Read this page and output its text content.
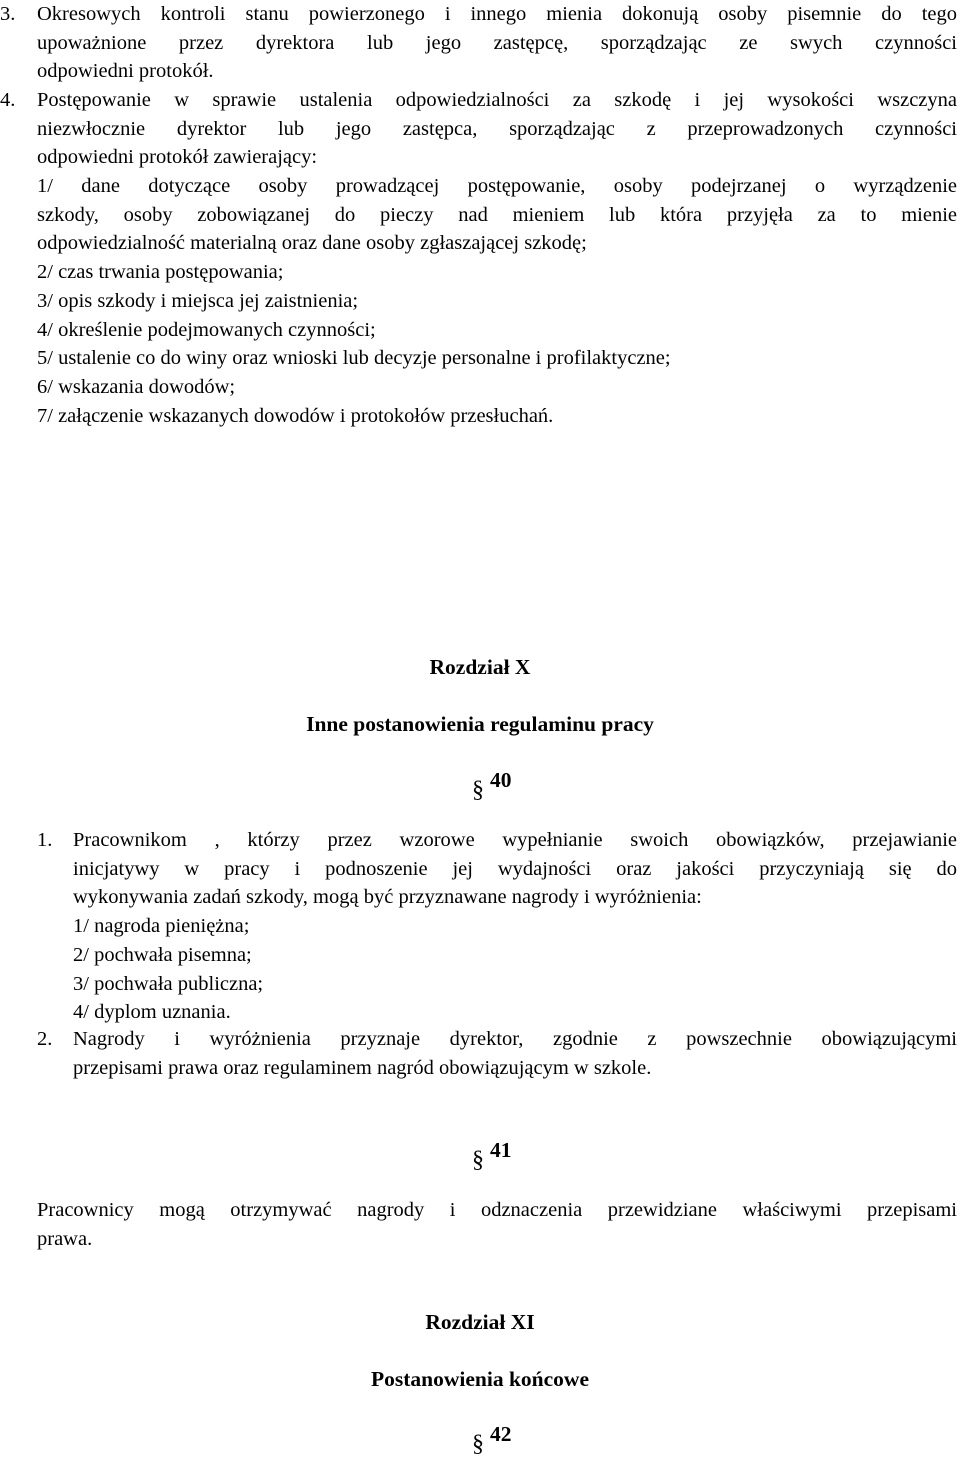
3. Okresowych kontroli stanu powierzonego i innego mienia dokonują osoby pisemnie do tego
upoważnione przez dyrektora lub jego zastępcę, sporządzając ze swych czynności
odpowiedni protokół.
4. Postępowanie w sprawie ustalenia odpowiedzialności za szkodę i jej wysokości wszczyna
niezwłocznie dyrektor lub jego zastępca, sporządzając z przeprowadzonych czynności
odpowiedni protokół zawierający:
1/ dane dotyczące osoby prowadzącej postępowanie, osoby podejrzanej o wyrządzenie
szkody, osoby zobowiązanej do pieczy nad mieniem lub która przyjęła za to mienie
odpowiedzialność materialną oraz dane osoby zgłaszającej szkodę;
2/ czas trwania postępowania;
3/ opis szkody i miejsca jej zaistnienia;
4/ określenie podejmowanych czynności;
5/ ustalenie co do winy oraz wnioski lub decyzje personalne i profilaktyczne;
6/ wskazania dowodów;
7/ załączenie wskazanych dowodów i protokołów przesłuchań.
Rozdział X
Inne postanowienia regulaminu pracy
§ 40
1. Pracownikom , którzy przez wzorowe wypełnianie swoich obowiązków, przejawianie
inicjatywy w pracy i podnoszenie jej wydajności oraz jakości przyczyniają się do
wykonywania zadań szkody, mogą być przyznawane nagrody i wyróżnienia:
1/ nagroda pieniężna;
2/ pochwała pisemna;
3/ pochwała publiczna;
4/ dyplom uznania.
2. Nagrody i wyróżnienia przyznaje dyrektor, zgodnie z powszechnie obowiązującymi
przepisami prawa oraz regulaminem nagród obowiązującym w szkole.
§ 41
Pracownicy mogą otrzymywać nagrody i odznaczenia przewidziane właściwymi przepisami
prawa.
Rozdział XI
Postanowienia końcowe
§ 42
